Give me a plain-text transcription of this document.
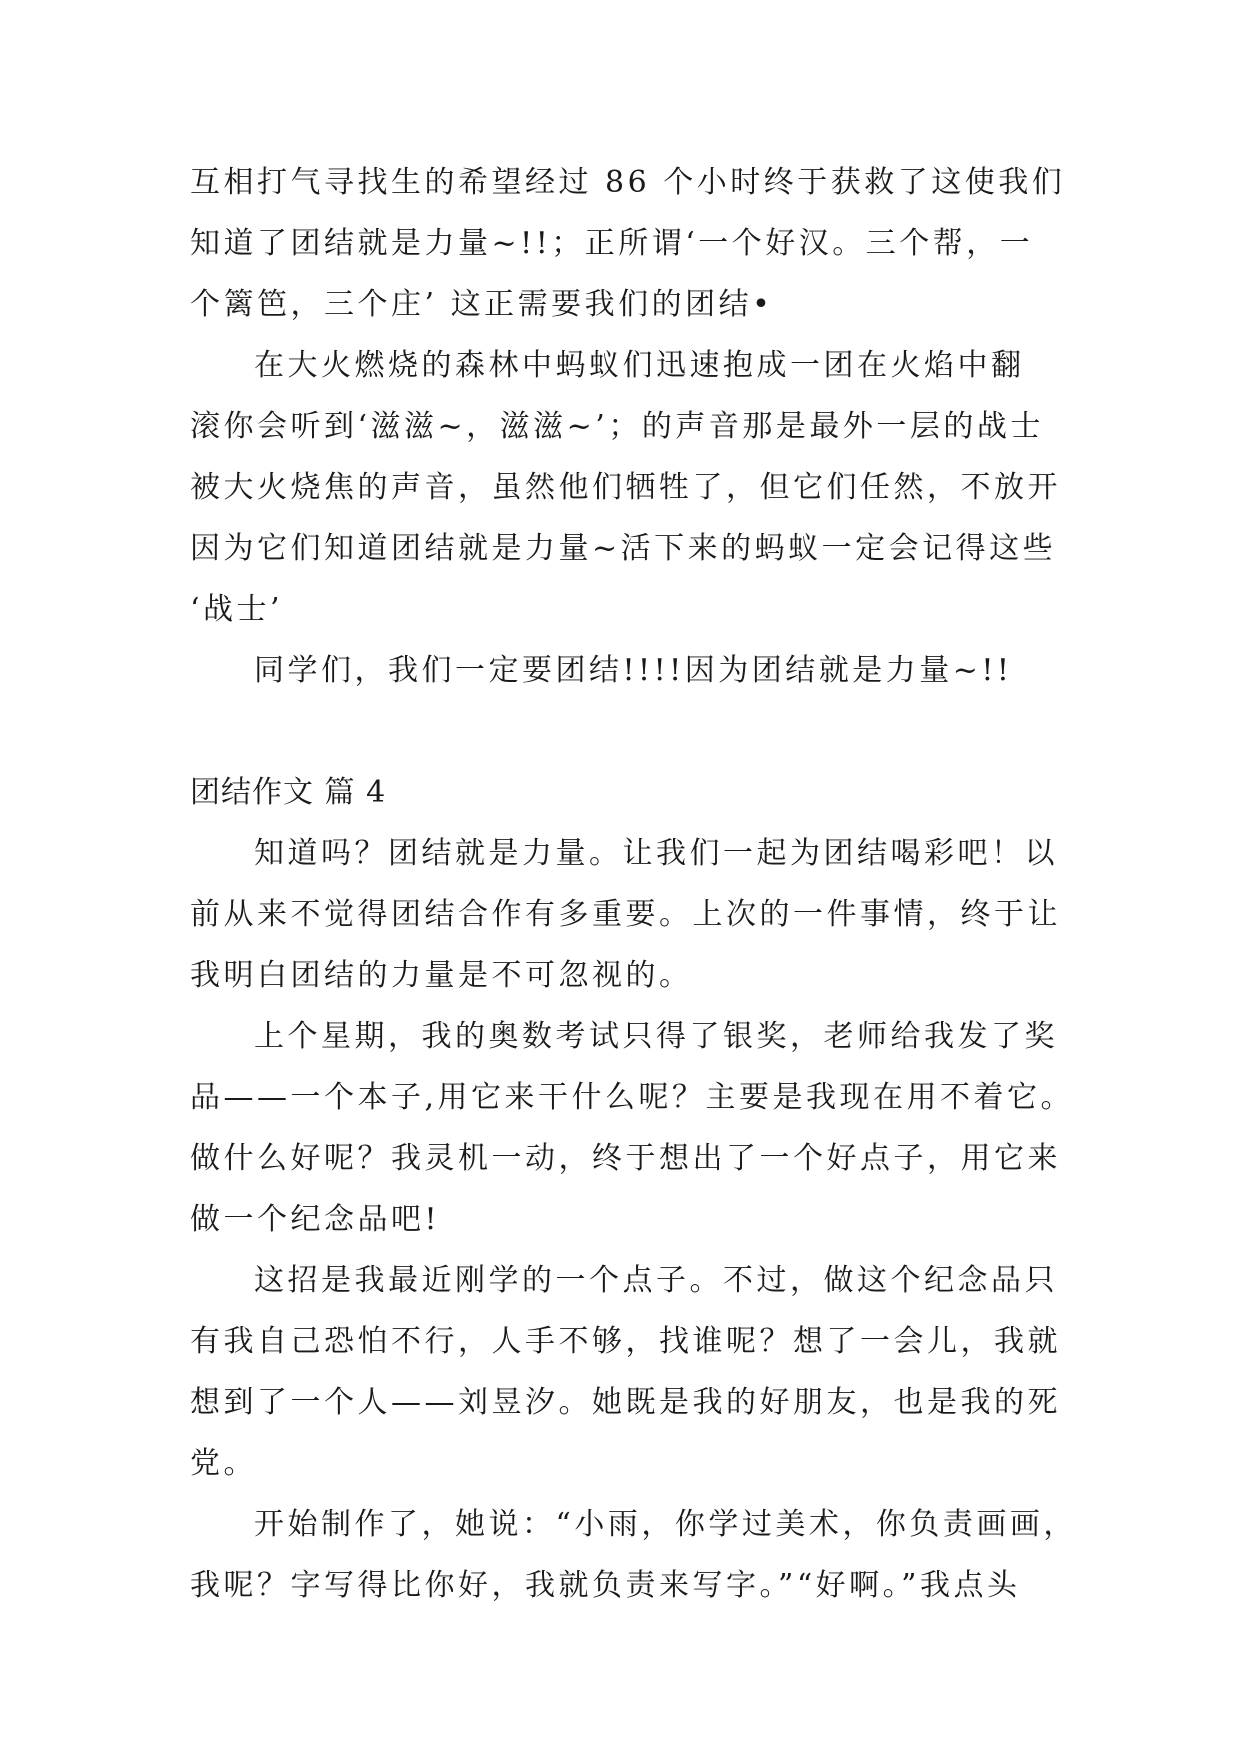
互相打气寻找生的希望经过 86 个小时终于获救了这使我们
知道了团结就是力量~!!；正所谓‘一个好汉。三个帮，一
个篱笆，三个庄’ 这正需要我们的团结•
在大火燃烧的森林中蚂蚁们迅速抱成一团在火焰中翻
滚你会听到‘滋滋~，滋滋~’；的声音那是最外一层的战士
被大火烧焦的声音，虽然他们牺牲了，但它们任然，不放开
因为它们知道团结就是力量~活下来的蚂蚁一定会记得这些
‘战士’
同学们，我们一定要团结!!!!因为团结就是力量~!!
团结作文 篇 4
知道吗？团结就是力量。让我们一起为团结喝彩吧！以
前从来不觉得团结合作有多重要。上次的一件事情，终于让
我明白团结的力量是不可忽视的。
上个星期，我的奥数考试只得了银奖，老师给我发了奖
品——一个本子,用它来干什么呢？主要是我现在用不着它。
做什么好呢？我灵机一动，终于想出了一个好点子，用它来
做一个纪念品吧!
这招是我最近刚学的一个点子。不过，做这个纪念品只
有我自己恐怕不行，人手不够，找谁呢？想了一会儿，我就
想到了一个人——刘昱汐。她既是我的好朋友，也是我的死
党。
开始制作了，她说：“小雨，你学过美术，你负责画画，
我呢？字写得比你好，我就负责来写字。”“好啊。”我点头
